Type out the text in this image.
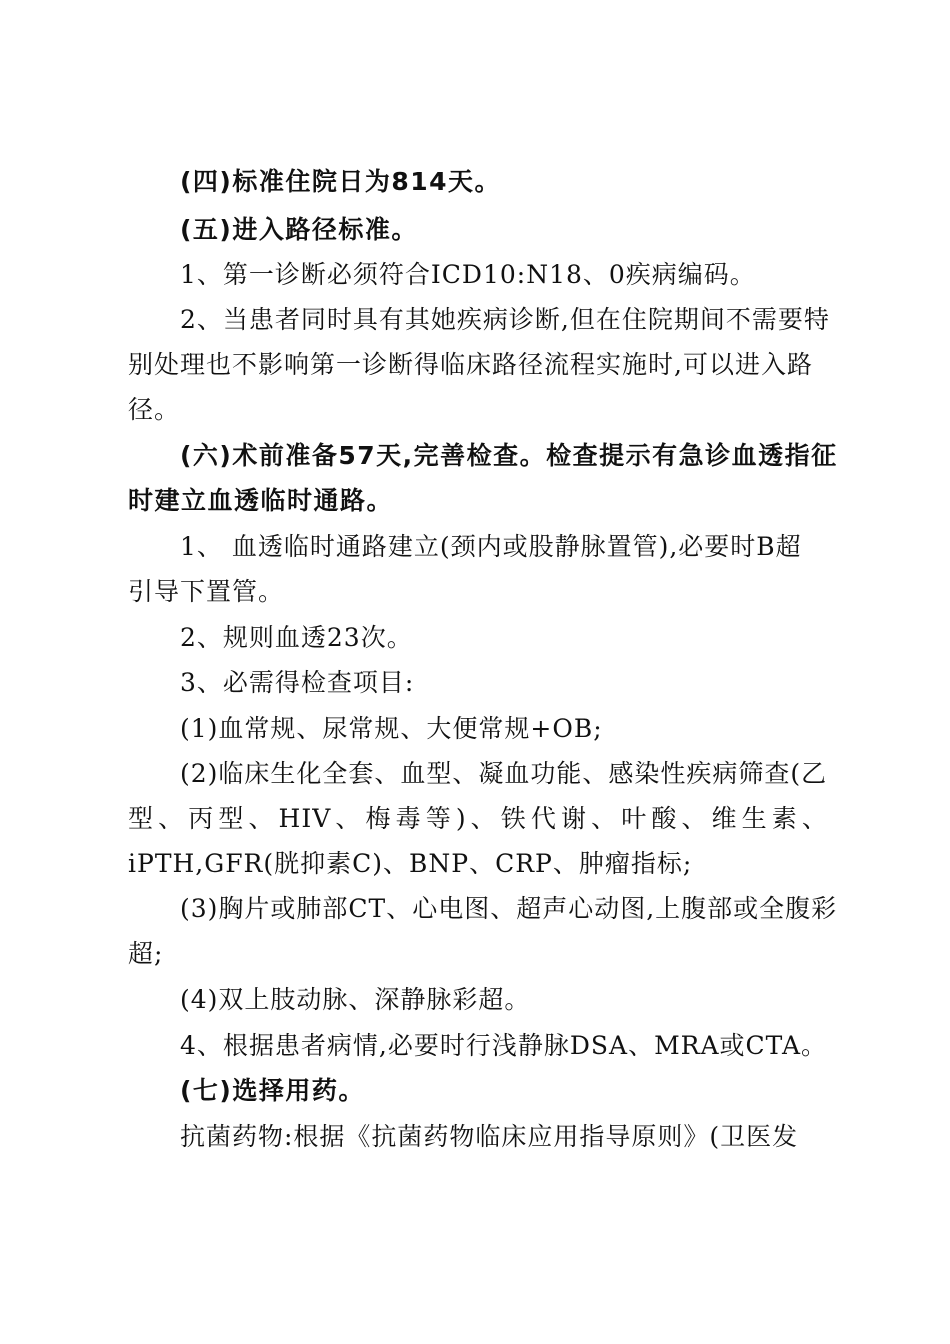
(四)标准住院日为814天。
(五)进入路径标准。
1、第一诊断必须符合ICD10:N18、0疾病编码。
2、当患者同时具有其她疾病诊断,但在住院期间不需要特
别处理也不影响第一诊断得临床路径流程实施时,可以进入路
径。
(六)术前准备57天,完善检查。检查提示有急诊血透指征
时建立血透临时通路。
1、 血透临时通路建立(颈内或股静脉置管),必要时B超
引导下置管。
2、规则血透23次。
3、必需得检查项目:
(1)血常规、尿常规、大便常规+OB;
(2)临床生化全套、血型、凝血功能、感染性疾病筛查(乙
型 、 丙 型 、 HIV 、 梅 毒 等 ) 、 铁 代 谢 、 叶 酸 、 维 生 素 、
iPTH,GFR(胱抑素C)、BNP、CRP、肿瘤指标;
(3)胸片或肺部CT、心电图、超声心动图,上腹部或全腹彩
超;
(4)双上肢动脉、深静脉彩超。
4、根据患者病情,必要时行浅静脉DSA、MRA或CTA。
(七)选择用药。
抗菌药物:根据《抗菌药物临床应用指导原则》(卫医发
